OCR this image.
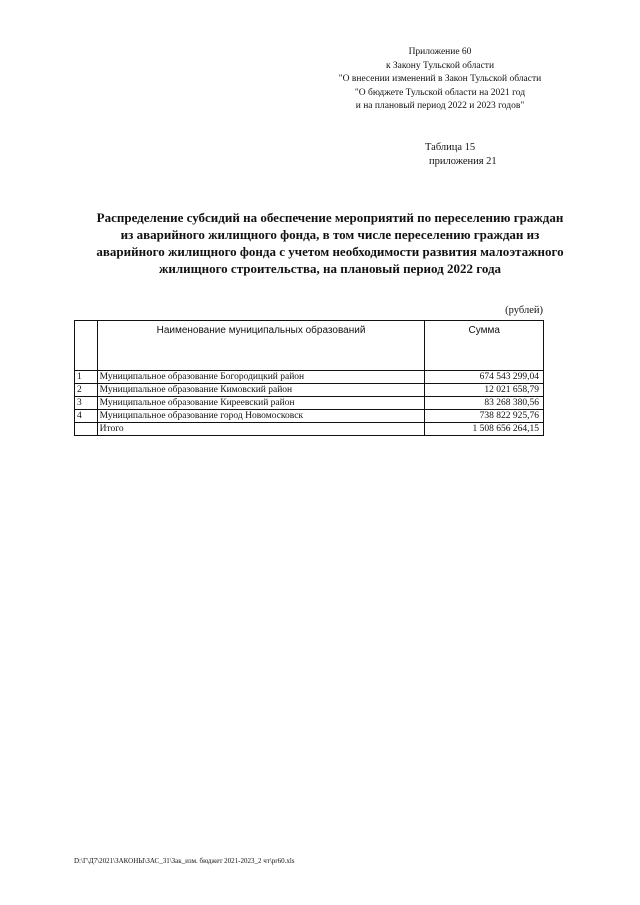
Приложение 60
к Закону Тульской области
"О внесении изменений в Закон Тульской области
"О бюджете Тульской области на 2021 год
и на плановый период 2022 и 2023 годов"
Таблица 15
приложения 21
Распределение субсидий на обеспечение мероприятий по переселению граждан
из аварийного жилищного фонда, в том числе переселению граждан из
аварийного жилищного фонда с учетом необходимости развития малоэтажного
жилищного строительства, на плановый период 2022 года
(рублей)
	Наименование муниципальных образований	Сумма
1	Муниципальное образование Богородицкий район	674 543 299,04
2	Муниципальное образование Кимовский район	12 021 658,79
3	Муниципальное образование Киреевский район	83 268 380,56
4	Муниципальное образование город Новомосковск	738 822 925,76
	Итого	1 508 656 264,15
D:\Г\Д7\2021\ЗАКОНЫ\ЗАС_31\Зак_изм. бюджет 2021-2023_2 чт\pr60.xls
